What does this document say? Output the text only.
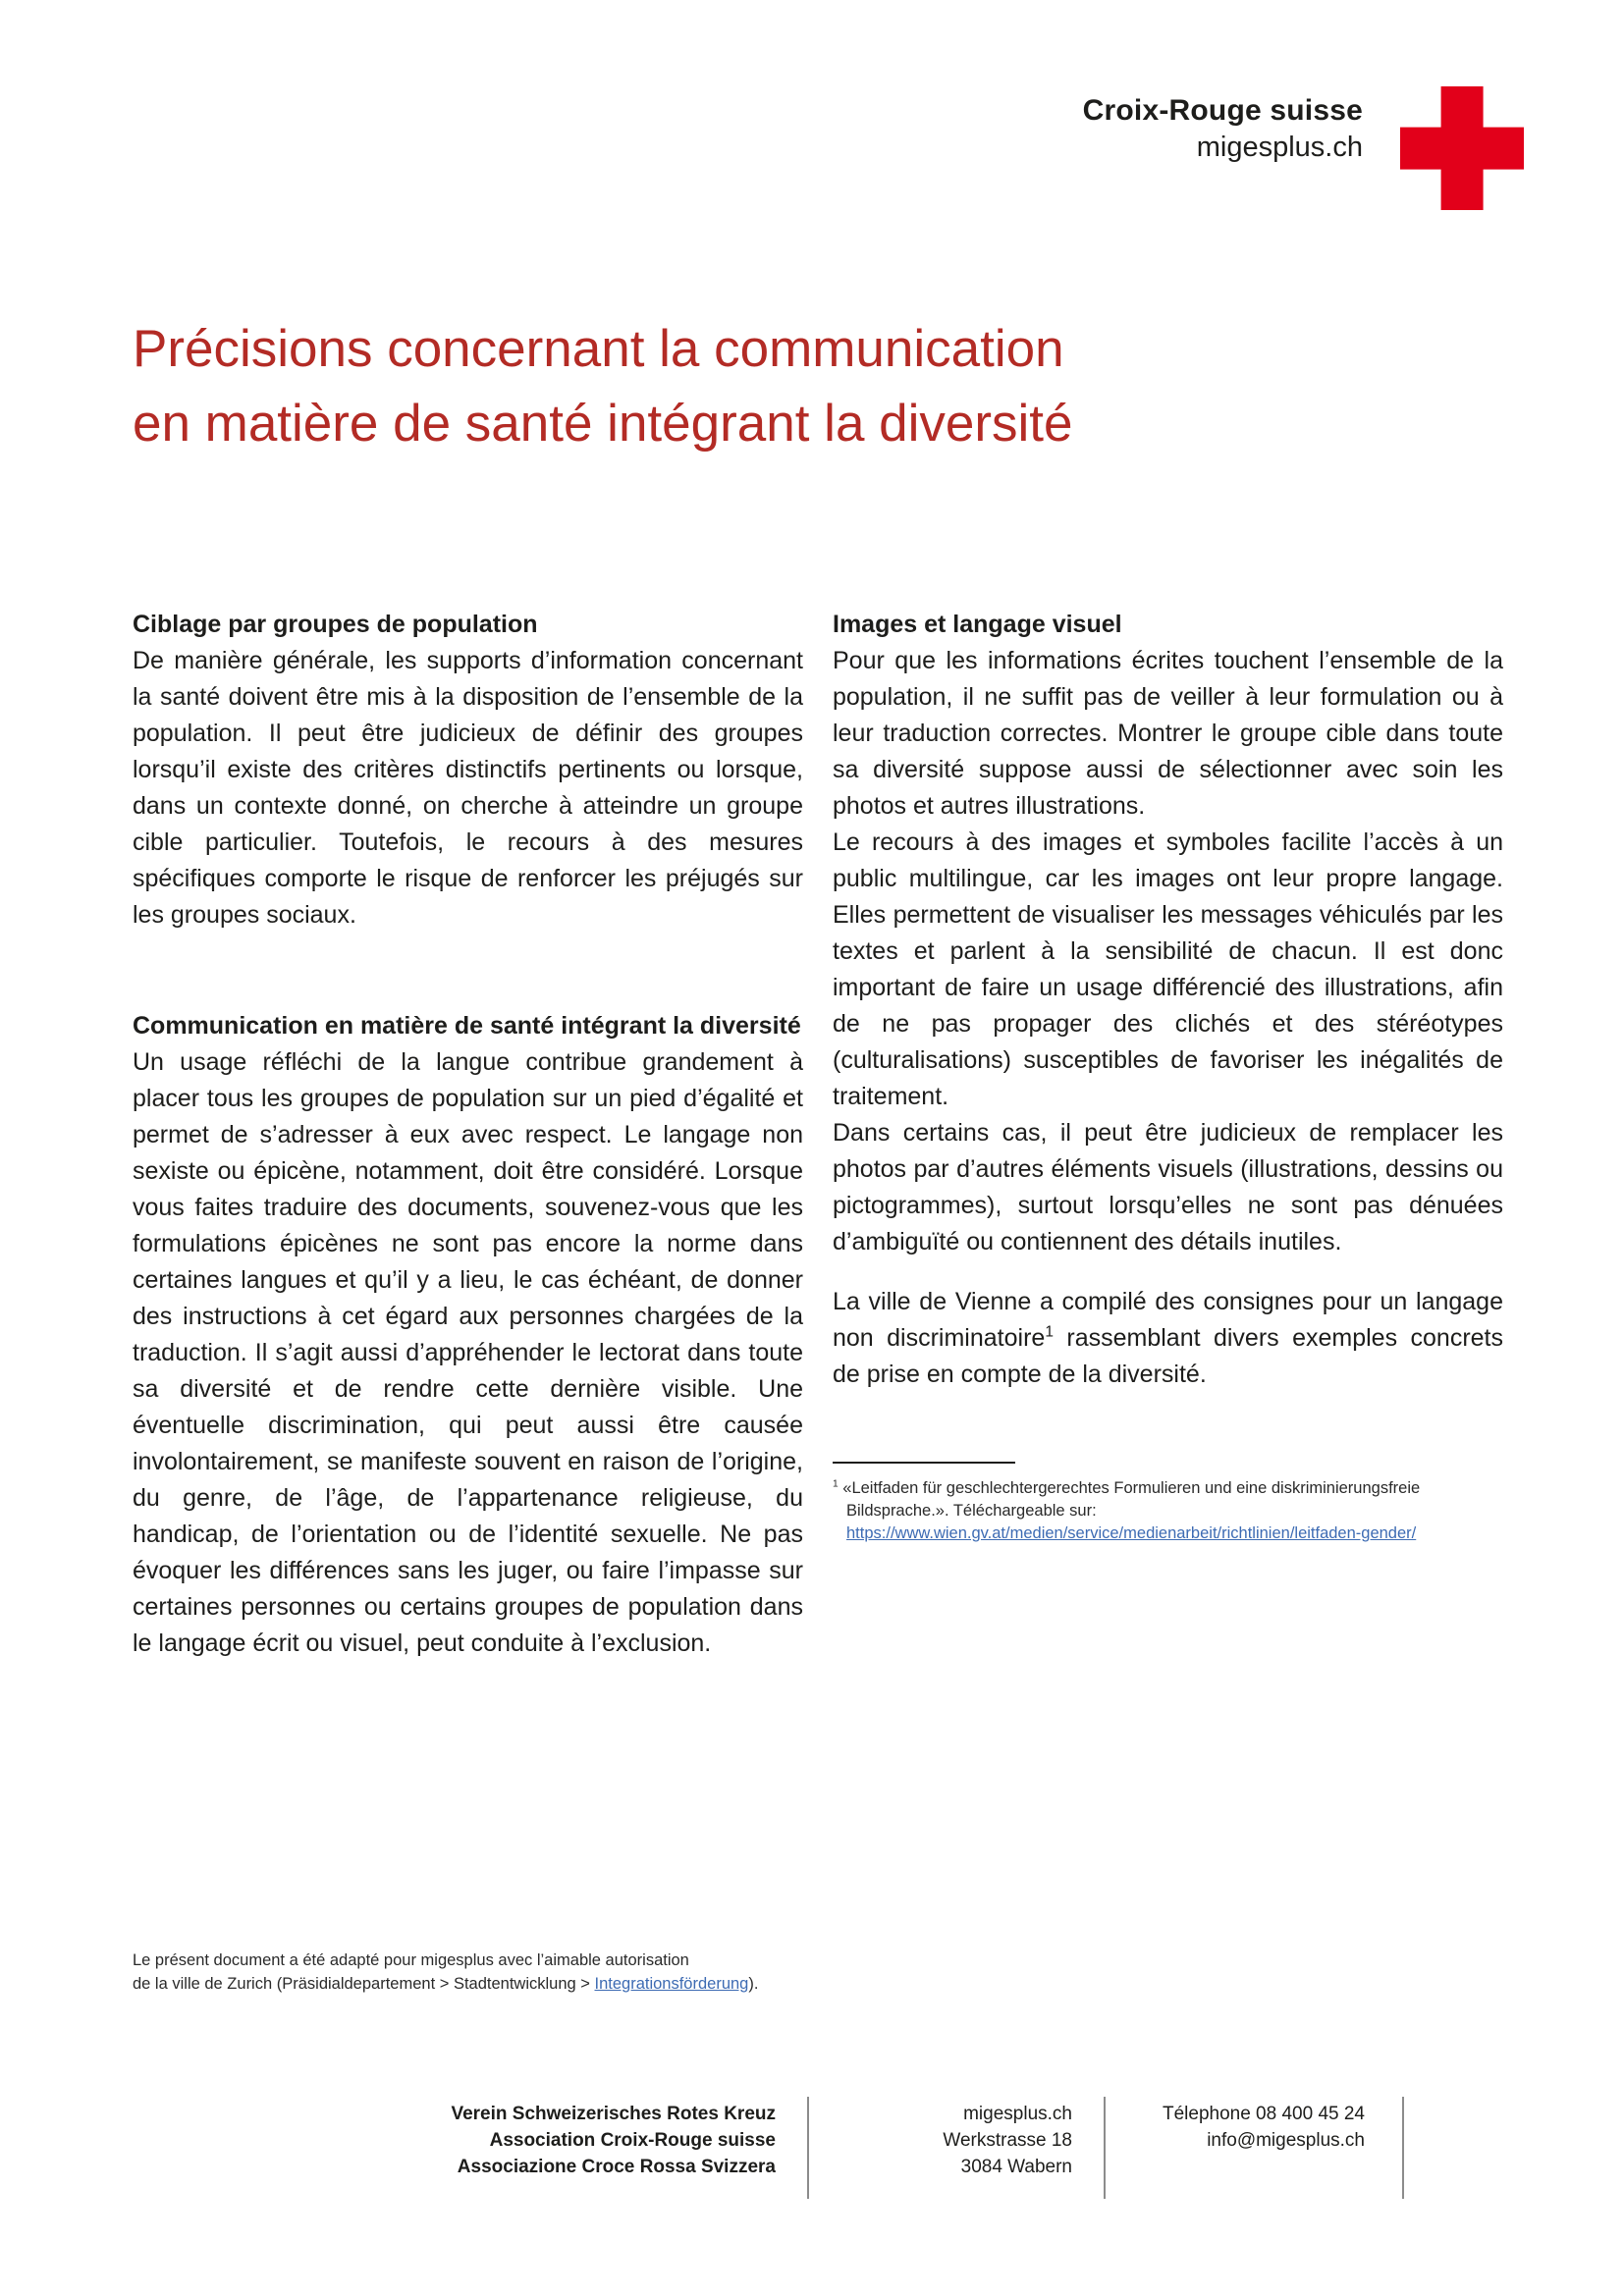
Croix-Rouge suisse
migesplus.ch
Précisions concernant la communication
en matière de santé intégrant la diversité
Ciblage par groupes de population

De manière générale, les supports d’information concernant la santé doivent être mis à la disposition de l’ensemble de la population. Il peut être judicieux de définir des groupes lorsqu’il existe des critères distinctifs pertinents ou lorsque, dans un contexte donné, on cherche à atteindre un groupe cible particulier. Toutefois, le recours à des mesures spécifiques comporte le risque de renforcer les préjugés sur les groupes sociaux.

Communication en matière de santé intégrant la diversité

Un usage réfléchi de la langue contribue grandement à placer tous les groupes de population sur un pied d’égalité et permet de s’adresser à eux avec respect. Le langage non sexiste ou épicène, notamment, doit être considéré. Lorsque vous faites traduire des documents, souvenez-vous que les formulations épicènes ne sont pas encore la norme dans certaines langues et qu’il y a lieu, le cas échéant, de donner des instructions à cet égard aux personnes chargées de la traduction. Il s’agit aussi d’appréhender le lectorat dans toute sa diversité et de rendre cette dernière visible. Une éventuelle discrimination, qui peut aussi être causée involontairement, se manifeste souvent en raison de l’origine, du genre, de l’âge, de l’appartenance religieuse, du handicap, de l’orientation ou de l’identité sexuelle. Ne pas évoquer les différences sans les juger, ou faire l’impasse sur certaines personnes ou certains groupes de population dans le langage écrit ou visuel, peut conduite à l’exclusion.

Images et langage visuel

Pour que les informations écrites touchent l’ensemble de la population, il ne suffit pas de veiller à leur formulation ou à leur traduction correctes. Montrer le groupe cible dans toute sa diversité suppose aussi de sélectionner avec soin les photos et autres illustrations.

Le recours à des images et symboles facilite l’accès à un public multilingue, car les images ont leur propre langage. Elles permettent de visualiser les messages véhiculés par les textes et parlent à la sensibilité de chacun. Il est donc important de faire un usage différencié des illustrations, afin de ne pas propager des clichés et des stéréotypes (culturalisations) susceptibles de favoriser les inégalités de traitement.

Dans certains cas, il peut être judicieux de remplacer les photos par d’autres éléments visuels (illustrations, dessins ou pictogrammes), surtout lorsqu’elles ne sont pas dénuées d’ambiguïté ou contiennent des détails inutiles.

La ville de Vienne a compilé des consignes pour un langage non discriminatoire$^1$ rassemblant divers exemples concrets de prise en compte de la diversité.

$^1$ «Leitfaden für geschlechtergerechtes Formulieren und eine diskriminierungsfreie Bildsprache.». Téléchargeable sur:
https://www.wien.gv.at/medien/service/medienarbeit/richtlinien/leitfaden-gender/
Le présent document a été adapté pour migesplus avec l’aimable autorisation
de la ville de Zurich (Präsidialdepartement > Stadtentwicklung > Integrationsförderung).
Verein Schweizerisches Rotes Kreuz
Association Croix-Rouge suisse
Associazione Croce Rossa Svizzera
migesplus.ch
Werkstrasse 18
3084 Wabern
Télephone 08 400 45 24
info@migesplus.ch
